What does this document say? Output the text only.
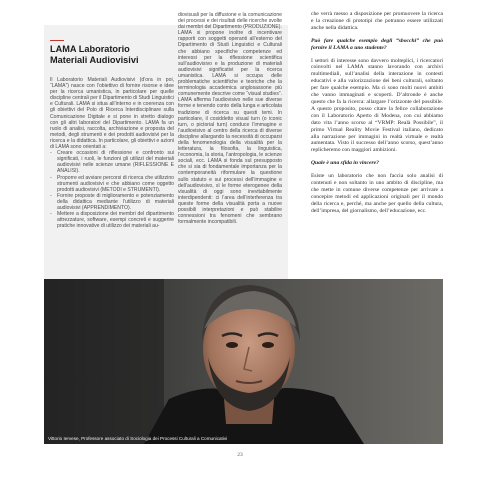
LAMA Laboratorio Materiali Audiovisivi

Il Laboratorio Materiali Audiovisivi (d’ora in poi, “LAMA”) nasce con l’obiettivo di fornire risorse e idee per la ricerca umanistica, in particolare per quelle discipline centrali per il Dipartimento di Studi Linguistici e Culturali. LAMA si situa all’interno e in coerenza con gli obiettivi del Polo di Ricerca Interdisciplinare sulla Comunicazione Digitale e si pone in stretto dialogo con gli altri laboratori del Dipartimento. LAMA fa un ruolo di analisi, raccolta, archiviazione e proposta del metodi, degli strumenti e dei prodotti audiovisivi per la ricerca e la didattica. In particolare, gli obiettivi e azioni di LAMA sono orientati a:

- Creare occasioni di riflessione e confronto sui significati, i ruoli, le funzioni gli utilizzi del materiali audiovisivi nelle scienze umane (RIFLESSIONE E ANALISI).
- Proporre ed avviare percorsi di ricerca che utilizzino strumenti audiovisivi e che abbiano come oggetto prodotti audiovisivi (METODI e STRUMENTI).
- Fornire proposte di miglioramento e potenziamento della didattica mediante l’utilizzo di materiali audiovisivi (APPRENDIMENTO).
- Mettere a disposizione dei membri del dipartimento attrezzature, software, esempi concreti e suggerire pratiche innovative di utilizzo dei materiali au-

diovisuali per la diffusione e la comunicazione dei processi e dei risultati delle ricerche svolte dai membri del Dipartimento (PRODUZIONE).

LAMA si propone inoltre di incentivare rapporti con soggetti operanti all’esterno del Dipartimento di Studi Linguistici e Culturali che abbiano specifiche competenze ed interessi per la riflessione scientifica sull’audiovisivo e la produzione di materiali audiovisivi significativi per la ricerca umanistica. LAMA si occupa delle problematiche scientifiche e teoriche che la terminologia accademica anglosassone più comunemente descrive come “visual studies”. LAMA afferma l’audiovisivo nelle sue diverse forme e tenendo conto della lunga e articolata tradizione di ricerca su questi temi. In particolare, il cosiddetto visual turn (o iconic turn, o pictorial turn) conduce l’immagine e l’audiovisivo al centro della ricerca di diverse discipline allargando la necessità di occuparsi della fenomenologia della visualità per la letteratura, la filosofia, la linguistica, l’economia, la storia, l’antropologia, le scienze sociali, ecc. LAMA si fonda sul presupposto che si sia di fondamentale importanza per la contemporaneità riformulare la questione sullo statuto e sui processi dell’immagine e dell’audiovisivo, sì le forme eterogenee della visualità di oggi sono inevitabilmente interdipendenti: ci l’area dell’interferenza tra queste forme della visualità porta a nuove possibili interpretazioni e può stabilire connessioni tra fenomeni che sembrano formalmente incompatibili.

che verrà messo a disposizione per promuovere la ricerca e la creazione di prototipi che potranno essere utilizzati anche nella didattica.

Può fare qualche esempio degli “sbocchi” che può fornire il LAMA a uno studente?

I settori di interesse sono davvero molteplici, i ricercatori coinvolti nel LAMA stanno lavorando con archivi multimediali, sull’analisi della interazione in contesti educativi e alla valorizzazione dei beni culturali, soltanto per fare qualche esempio. Ma ci sono molti nuovi ambiti che vanno immaginati e scoperti. D’altronde è anche questo che fa la ricerca: allargare l’orizzonte del possibile. A questo proposito, posso citare la felice collaborazione con il Laboratorio Aperto di Modena, con cui abbiamo dato vita l’anno scorso al “VRMP: Realà Possibile”, il primo Virtual Reality Movie Festival italiano, dedicato alla narrazione per immagini in realtà virtuale e realtà aumentata. Visto il successo dell’anno scorso, quest’anno replicheremo con maggiori ambizioni.

Quale è una sfida in vincere?

Esiste un laboratorio che non faccia solo analisi di contenuti e non soltanto in uno ambito di discipline, ma che mette in comune diverse competenze per arrivare a concepire metodi ed applicazioni originali per il mondo della ricerca e, perché, ma anche per quello della cultura, dell’impresa, del giornalismo, dell’educazione, ecc.

Vittorio Iervese, Professore associato di Sociologia dei Processi Culturali a Comunicativi
23
